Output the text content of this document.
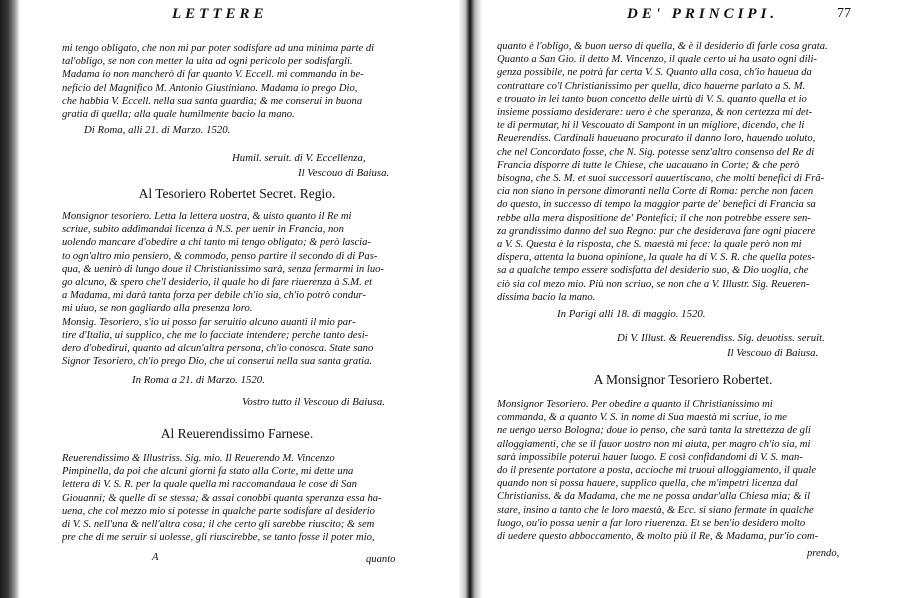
LETTERE
mi tengo obligato, che non mi par poter sodisfare ad una minima parte di
tal'obligo, se non con metter la uita ad ogni pericolo per sodisfargli.
Madama io non mancherò di far quanto V. Eccell. mi commanda in be-
neficio del Magnifico M. Antonio Giustiniano. Madama io prego Dio,
che habbia V. Eccell. nella sua santa guardia; & me conserui in buona
gratia di quella; alla quale humilmente bacio la mano.
Di Roma, alli 21. di Marzo. 1520.
Humil. seruit. di V. Eccellenza,
Il Vescouo di Baiusa.
Al Tesoriero Robertet Secret. Regio.
Monsignor tesoriero. Letta la lettera uostra, & uisto quanto il Re mi
scriue, subito addimandai licenza à N.S. per uenir in Francia, non
uolendo mancare d'obedire a chi tanto mi tengo obligato; & però lascia-
to ogn'altro mio pensiero, & commodo, penso partire il secondo dì di Pas-
qua, & uenirò di lungo doue il Christianissimo sarà, senza fermarmi in luo-
go alcuno, & spero che'l desiderio, il quale ho di fare riuerenza à S.M. et
a Madama, mi darà tanta forza per debile ch'io sia, ch'io potrò condur-
mi uiuo, se non gagliardo alla presenza loro.
Monsig. Tesoriero, s'io ui posso far seruitio alcuno auanti il mio par-
tire d'Italia, ui supplico, che me lo facciate intendere; perche tanto desi-
dero d'obedirui, quanto ad alcun'altra persona, ch'io conosca. State sano
Signor Tesoriero, ch'io prego Dio, che ui conserui nella sua santa gratia.
In Roma a 21. di Marzo. 1520.
Vostro tutto il Vescouo di Baiusa.
Al Reuerendissimo Farnese.
Reuerendissimo & Illustriss. Sig. mio. Il Reuerendo M. Vincenzo
Pimpinella, da poi che alcuni giorni fa stato alla Corte, mi dette una
lettera di V. S. R. per la quale quella mi raccomandaua le cose di San
Giouanni; & quelle di se stessa; & assai conobbi quanta speranza essa ha-
uena, che col mezzo mio si potesse in qualche parte sodisfare al desiderio
di V. S. nell'una & nell'altra cosa; il che certo gli sarebbe riuscito; & sem
pre che di me seruir si uolesse, gli riuscirebbe, se tanto fosse il poter mio,
A	quanto
DE' PRINCIPI.	77
quanto è l'obligo, & buon uerso di quella, & è il desiderio di farle cosa grata.
Quanto a San Gio. il detto M. Vincenzo, il quale certo ui ha usato ogni dili-
genza possibile, ne potrà far certa V. S. Quanto alla cosa, ch'io haueua da
contrattare co'l Christianissimo per quella, dico hauerne parlato a S. M.
e trouato in lei tanto buon concetto delle uirtù di V. S. quanto quella et io
insieme possiamo desiderare: uero è che speranza, & non certezza mi det-
te di permutar, hi il Vescouato di Sampont in un migliore, dicendo, che li
Reuerendiss. Cardinali haueuano procurato il danno loro, hauendo uoluto,
che nel Concordato fosse, che N. Sig. potesse senz'altro consenso del Re di
Francia disporre di tutte le Chiese, che uacauano in Corte; & che però
bisogna, che S. M. et suoi successori auuertiscano, che molti benefici di Frã-
cia non siano in persone dimoranti nella Corte di Roma: perche non facen
do questo, in successo di tempo la maggior parte de' benefici di Francia sa
rebbe alla mera dispositione de' Pontefici; il che non potrebbe essere sen-
za grandissimo danno del suo Regno: pur che desiderava fare ogni piacere
a V. S. Questa è la risposta, che S. maestà mi fece: la quale però non mi
dispera, attenta la buona opinione, la quale ha di V. S. R. che quella potes-
sa a qualche tempo essere sodisfatta del desiderio suo, & Dio uoglia, che
ciò sia col mezo mio. Più non scriuo, se non che a V. Illustr. Sig. Reueren-
dissima bacio la mano.
In Parigi alli 18. di maggio. 1520.
Di V. Illust. & Reuerendiss. Sig. deuotiss. seruit.
Il Vescouo di Baiusa.
A Monsignor Tesoriero Robertet.
Monsignor Tesoriero. Per obedire a quanto il Christianissimo mi
commanda, & a quanto V. S. in nome di Sua maestà mi scriue, io me
ne uengo uerso Bologna; doue io penso, che sarà tanta la strettezza de gli
alloggiamenti, che se il fauor uostro non mi aiuta, per magro ch'io sia, mi
sarà impossibile poterui hauer luogo. E così confidandomi di V. S. man-
do il presente portatore a posta, accioche mi truoui alloggiamento, il quale
quando non si possa hauere, supplico quella, che m'impetri licenza dal
Christianiss. & da Madama, che me ne possa andar'alla Chiesa mia; & il
stare, insino a tanto che le loro maestà, & Ecc. si siano fermate in qualche
luogo, ou'io possa uenir a far loro riuerenza. Et se ben'io desidero molto
di uedere questo abboccamento, & molto più il Re, & Madama, pur'io com-
prendo,
